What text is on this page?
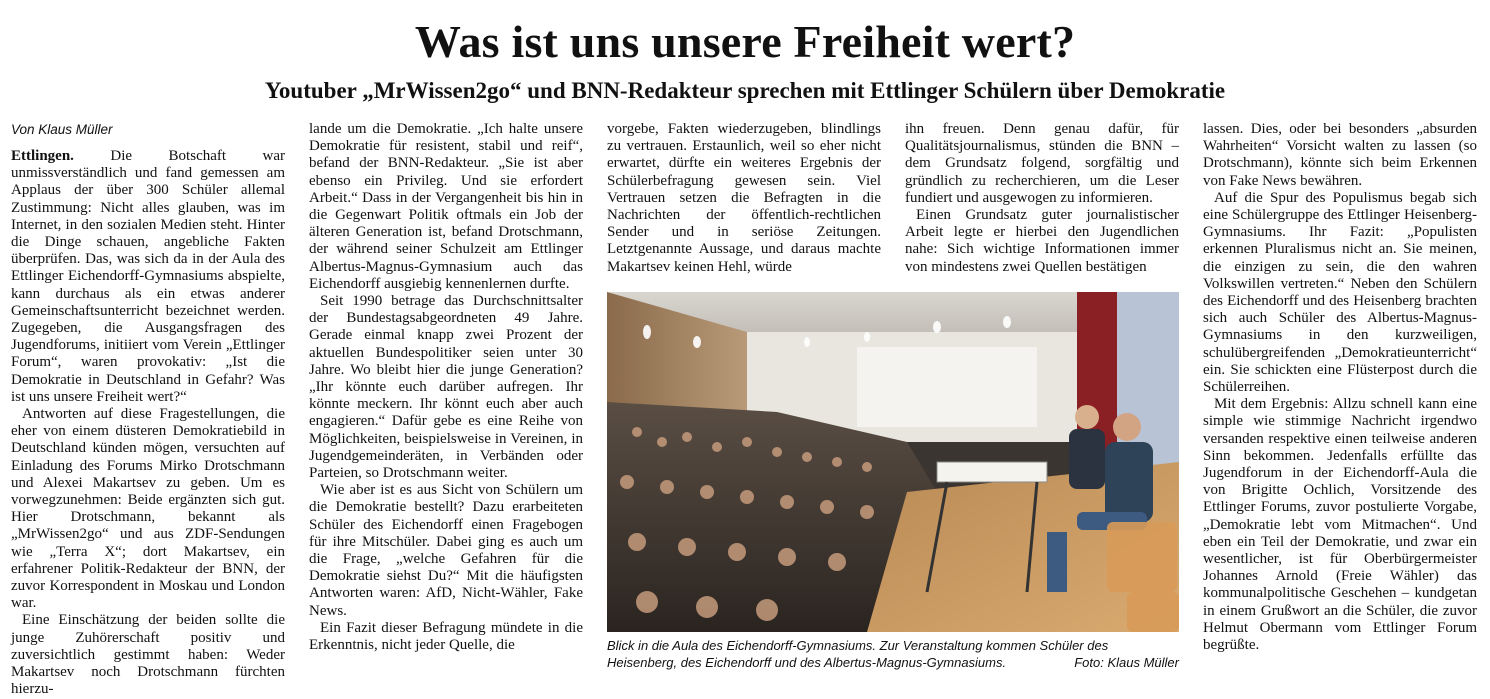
Was ist uns unsere Freiheit wert?
Youtuber „MrWissen2go“ und BNN-Redakteur sprechen mit Ettlinger Schülern über Demokratie
Von Klaus Müller

Ettlingen. Die Botschaft war unmissverständlich und fand gemessen am Applaus der über 300 Schüler allemal Zustimmung: Nicht alles glauben, was im Internet, in den sozialen Medien steht. Hinter die Dinge schauen, angebliche Fakten überprüfen. Das, was sich da in der Aula des Ettlinger Eichendorff-Gymnasiums abspielte, kann durchaus als ein etwas anderer Gemeinschaftsunterricht bezeichnet werden. Zugegeben, die Ausgangsfragen des Jugendforums, initiiert vom Verein „Ettlinger Forum“, waren provokativ: „Ist die Demokratie in Deutschland in Gefahr? Was ist uns unsere Freiheit wert?“

Antworten auf diese Fragestellungen, die eher von einem düsteren Demokratiebild in Deutschland künden mögen, versuchten auf Einladung des Forums Mirko Drotschmann und Alexei Makartsev zu geben. Um es vorwegzunehmen: Beide ergänzten sich gut. Hier Drotschmann, bekannt als „MrWissen2go“ und aus ZDF-Sendungen wie „Terra X“; dort Makartsev, ein erfahrener Politik-Redakteur der BNN, der zuvor Korrespondent in Moskau und London war.

Eine Einschätzung der beiden sollte die junge Zuhörerschaft positiv und zuversichtlich gestimmt haben: Weder Makartsev noch Drotschmann fürchten hierzu-

lande um die Demokratie. „Ich halte unsere Demokratie für resistent, stabil und reif“, befand der BNN-Redakteur. „Sie ist aber ebenso ein Privileg. Und sie erfordert Arbeit.“ Dass in der Vergangenheit bis hin in die Gegenwart Politik oftmals ein Job der älteren Generation ist, befand Drotschmann, der während seiner Schulzeit am Ettlinger Albertus-Magnus-Gymnasium auch das Eichendorff ausgiebig kennenlernen durfte.

Seit 1990 betrage das Durchschnittsalter der Bundestagsabgeordneten 49 Jahre. Gerade einmal knapp zwei Prozent der aktuellen Bundespolitiker seien unter 30 Jahre. Wo bleibt hier die junge Generation? „Ihr könnte euch darüber aufregen. Ihr könnte meckern. Ihr könnt euch aber auch engagieren.“ Dafür gebe es eine Reihe von Möglichkeiten, beispielsweise in Vereinen, in Jugendgemeinderäten, in Verbänden oder Parteien, so Drotschmann weiter.

Wie aber ist es aus Sicht von Schülern um die Demokratie bestellt? Dazu erarbeiteten Schüler des Eichendorff einen Fragebogen für ihre Mitschüler. Dabei ging es auch um die Frage, „welche Gefahren für die Demokratie siehst Du?“ Mit die häufigsten Antworten waren: AfD, Nicht-Wähler, Fake News.

Ein Fazit dieser Befragung mündete in die Erkenntnis, nicht jeder Quelle, die

vorgebe, Fakten wiederzugeben, blindlings zu vertrauen. Erstaunlich, weil so eher nicht erwartet, dürfte ein weiteres Ergebnis der Schülerbefragung gewesen sein. Viel Vertrauen setzen die Befragten in die Nachrichten der öffentlich-rechtlichen Sender und in seriöse Zeitungen. Letztgenannte Aussage, und daraus machte Makartsev keinen Hehl, würde

ihn freuen. Denn genau dafür, für Qualitätsjournalismus, stünden die BNN – dem Grundsatz folgend, sorgfältig und gründlich zu recherchieren, um die Leser fundiert und ausgewogen zu informieren.

Einen Grundsatz guter journalistischer Arbeit legte er hierbei den Jugendlichen nahe: Sich wichtige Informationen immer von mindestens zwei Quellen bestätigen

lassen. Dies, oder bei besonders „absurden Wahrheiten“ Vorsicht walten zu lassen (so Drotschmann), könnte sich beim Erkennen von Fake News bewähren.

Auf die Spur des Populismus begab sich eine Schülergruppe des Ettlinger Heisenberg-Gymnasiums. Ihr Fazit: „Populisten erkennen Pluralismus nicht an. Sie meinen, die einzigen zu sein, die den wahren Volkswillen vertreten.“ Neben den Schülern des Eichendorff und des Heisenberg brachten sich auch Schüler des Albertus-Magnus-Gymnasiums in den kurzweiligen, schulübergreifenden „Demokratieunterricht“ ein. Sie schickten eine Flüsterpost durch die Schülerreihen.

Mit dem Ergebnis: Allzu schnell kann eine simple wie stimmige Nachricht irgendwo versanden respektive einen teilweise anderen Sinn bekommen. Jedenfalls erfüllte das Jugendforum in der Eichendorff-Aula die von Brigitte Ochlich, Vorsitzende des Ettlinger Forums, zuvor postulierte Vorgabe, „Demokratie lebt vom Mitmachen“. Und eben ein Teil der Demokratie, und zwar ein wesentlicher, ist für Oberbürgermeister Johannes Arnold (Freie Wähler) das kommunalpolitische Geschehen – kundgetan in einem Grußwort an die Schüler, die zuvor Helmut Obermann vom Ettlinger Forum begrüßte.

Blick in die Aula des Eichendorff-Gymnasiums. Zur Veranstaltung kommen Schüler des Heisenberg, des Eichendorff und des Albertus-Magnus-Gymnasiums.	Foto: Klaus Müller
